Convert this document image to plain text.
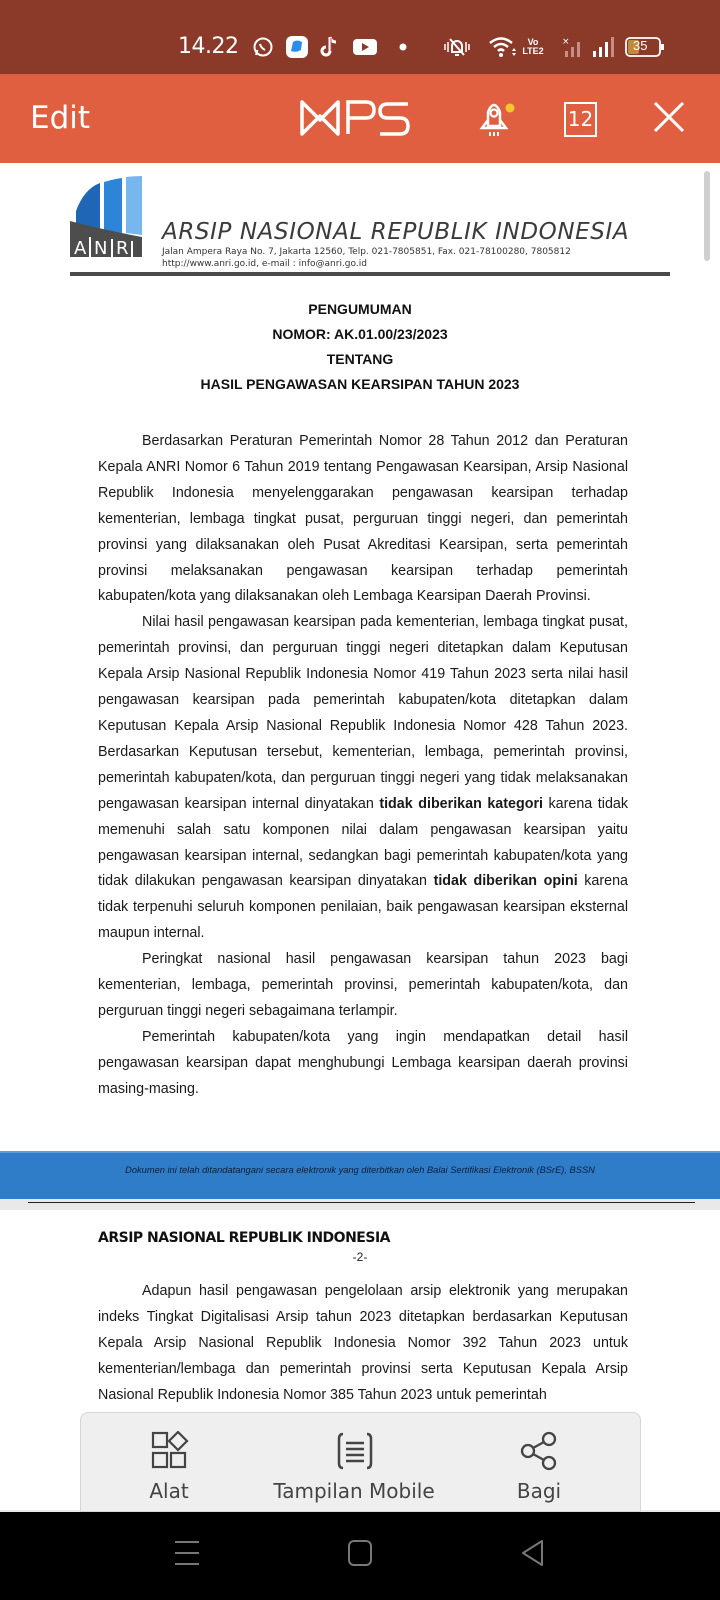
14.22	Vo LTE2
×	35
Edit	12
A N R
ARSIP NASIONAL REPUBLIK INDONESIA
Jalan Ampera Raya No. 7, Jakarta 12560, Telp. 021-7805851, Fax. 021-78100280, 7805812
http://www.anri.go.id, e-mail : info@anri.go.id
PENGUMUMAN
NOMOR: AK.01.00/23/2023
TENTANG
HASIL PENGAWASAN KEARSIPAN TAHUN 2023

Berdasarkan Peraturan Pemerintah Nomor 28 Tahun 2012 dan Peraturan Kepala ANRI Nomor 6 Tahun 2019 tentang Pengawasan Kearsipan, Arsip Nasional Republik Indonesia menyelenggarakan pengawasan kearsipan terhadap kementerian, lembaga tingkat pusat, perguruan tinggi negeri, dan pemerintah provinsi yang dilaksanakan oleh Pusat Akreditasi Kearsipan, serta pemerintah provinsi melaksanakan pengawasan kearsipan terhadap pemerintah kabupaten/kota yang dilaksanakan oleh Lembaga Kearsipan Daerah Provinsi.

Nilai hasil pengawasan kearsipan pada kementerian, lembaga tingkat pusat, pemerintah provinsi, dan perguruan tinggi negeri ditetapkan dalam Keputusan Kepala Arsip Nasional Republik Indonesia Nomor 419 Tahun 2023 serta nilai hasil pengawasan kearsipan pada pemerintah kabupaten/kota ditetapkan dalam Keputusan Kepala Arsip Nasional Republik Indonesia Nomor 428 Tahun 2023. Berdasarkan Keputusan tersebut, kementerian, lembaga, pemerintah provinsi, pemerintah kabupaten/kota, dan perguruan tinggi negeri yang tidak melaksanakan pengawasan kearsipan internal dinyatakan tidak diberikan kategori karena tidak memenuhi salah satu komponen nilai dalam pengawasan kearsipan yaitu pengawasan kearsipan internal, sedangkan bagi pemerintah kabupaten/kota yang tidak dilakukan pengawasan kearsipan dinyatakan tidak diberikan opini karena tidak terpenuhi seluruh komponen penilaian, baik pengawasan kearsipan eksternal maupun internal.

Peringkat nasional hasil pengawasan kearsipan tahun 2023 bagi kementerian, lembaga, pemerintah provinsi, pemerintah kabupaten/kota, dan perguruan tinggi negeri sebagaimana terlampir.

Pemerintah kabupaten/kota yang ingin mendapatkan detail hasil pengawasan kearsipan dapat menghubungi Lembaga kearsipan daerah provinsi masing-masing.

Dokumen ini telah ditandatangani secara elektronik yang diterbitkan oleh Balai Sertifikasi Elektronik (BSrE), BSSN
ARSIP NASIONAL REPUBLIK INDONESIA
-2-

Adapun hasil pengawasan pengelolaan arsip elektronik yang merupakan indeks Tingkat Digitalisasi Arsip tahun 2023 ditetapkan berdasarkan Keputusan Kepala Arsip Nasional Republik Indonesia Nomor 392 Tahun 2023 untuk kementerian/lembaga dan pemerintah provinsi serta Keputusan Kepala Arsip Nasional Republik Indonesia Nomor 385 Tahun 2023 untuk pemerintah

Alat	Tampilan Mobile	Bagi
